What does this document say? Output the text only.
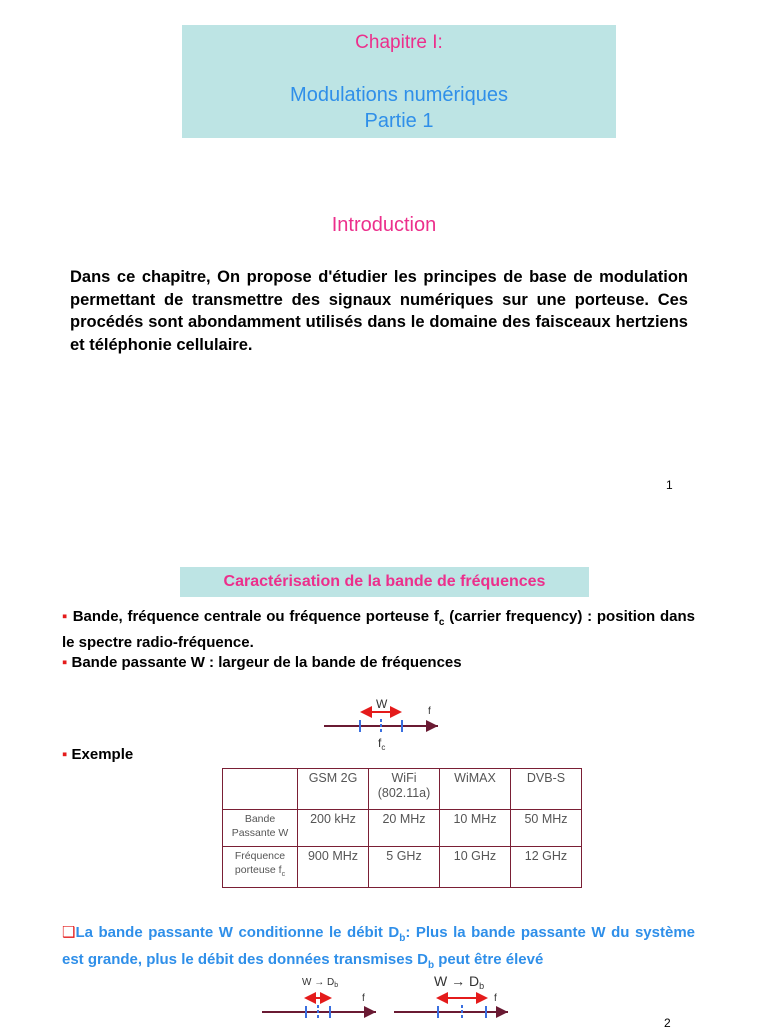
Chapitre I:
Modulations numériques
Partie 1
Introduction
Dans ce chapitre, On propose d'étudier les principes de base de modulation permettant de transmettre des signaux numériques sur une porteuse. Ces procédés sont abondamment utilisés dans le domaine des faisceaux hertziens et téléphonie cellulaire.
1
Caractérisation de la bande de fréquences

▪ Bande, fréquence centrale ou fréquence porteuse $f_c$ (carrier frequency) : position dans le spectre radio-fréquence.

▪ Bande passante W : largeur de la bande de fréquences

W
f
$f_c$
▪ Exemple
	GSM 2G	WiFi
(802.11a)	WiMAX	DVB-S
Bande Passante W	200 kHz	20 MHz	10 MHz	50 MHz
Fréquence porteuse $f_c$	900 MHz	5 GHz	10 GHz	12 GHz
❑La bande passante W conditionne le débit $D_b$: Plus la bande passante W du système est grande, plus le débit des données transmises $D_b$ peut être élevé
$W \to D_b$
f
$W \to D_b$
f
2
